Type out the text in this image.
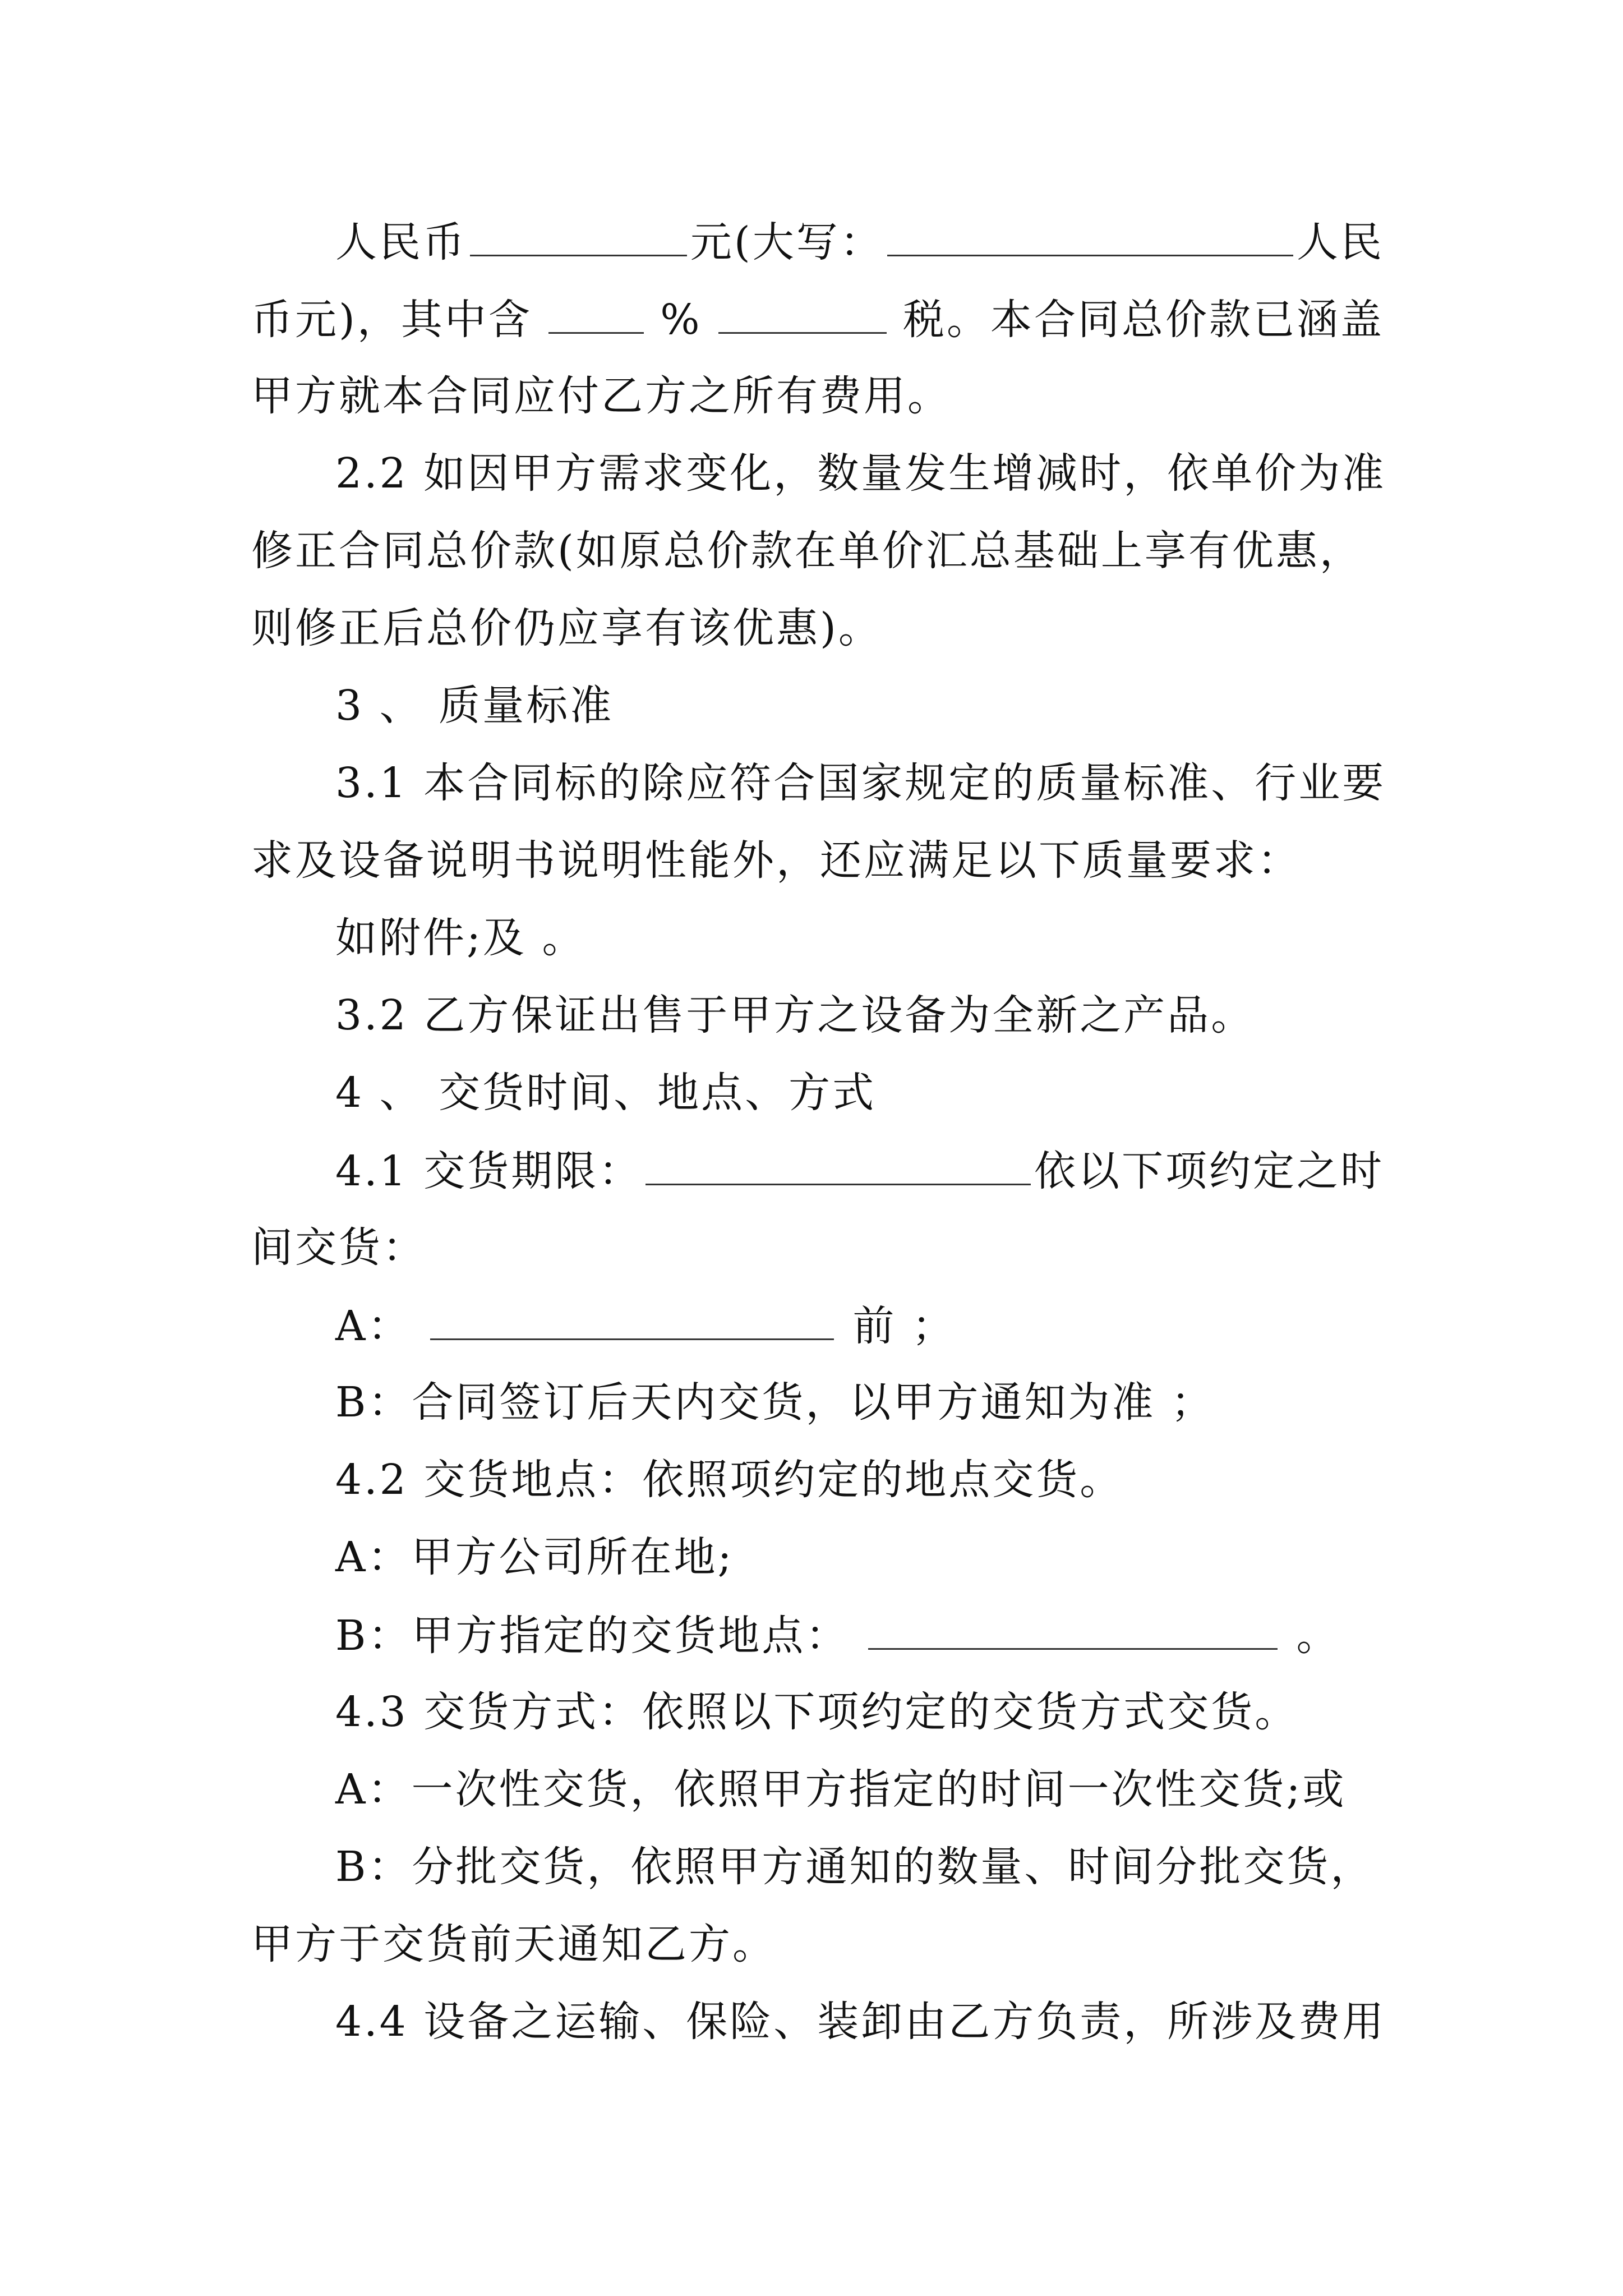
人民币	元(大写：	人民
币元)，其中含	%	税。本合同总价款已涵盖
甲方就本合同应付乙方之所有费用。
2.2 如因甲方需求变化，数量发生增减时，依单价为准
修正合同总价款(如原总价款在单价汇总基础上享有优惠，
则修正后总价仍应享有该优惠)。
3 、 质量标准
3.1 本合同标的除应符合国家规定的质量标准、行业要
求及设备说明书说明性能外，还应满足以下质量要求：
如附件;及 。
3.2 乙方保证出售于甲方之设备为全新之产品。
4 、 交货时间、地点、方式
4.1 交货期限：	依以下项约定之时
间交货：
A：	前 ；
B：合同签订后天内交货，以甲方通知为准 ；
4.2 交货地点：依照项约定的地点交货。
A：甲方公司所在地;
B：甲方指定的交货地点：	。
4.3 交货方式：依照以下项约定的交货方式交货。
A：一次性交货，依照甲方指定的时间一次性交货;或
B：分批交货，依照甲方通知的数量、时间分批交货，
甲方于交货前天通知乙方。
4.4 设备之运输、保险、装卸由乙方负责，所涉及费用
